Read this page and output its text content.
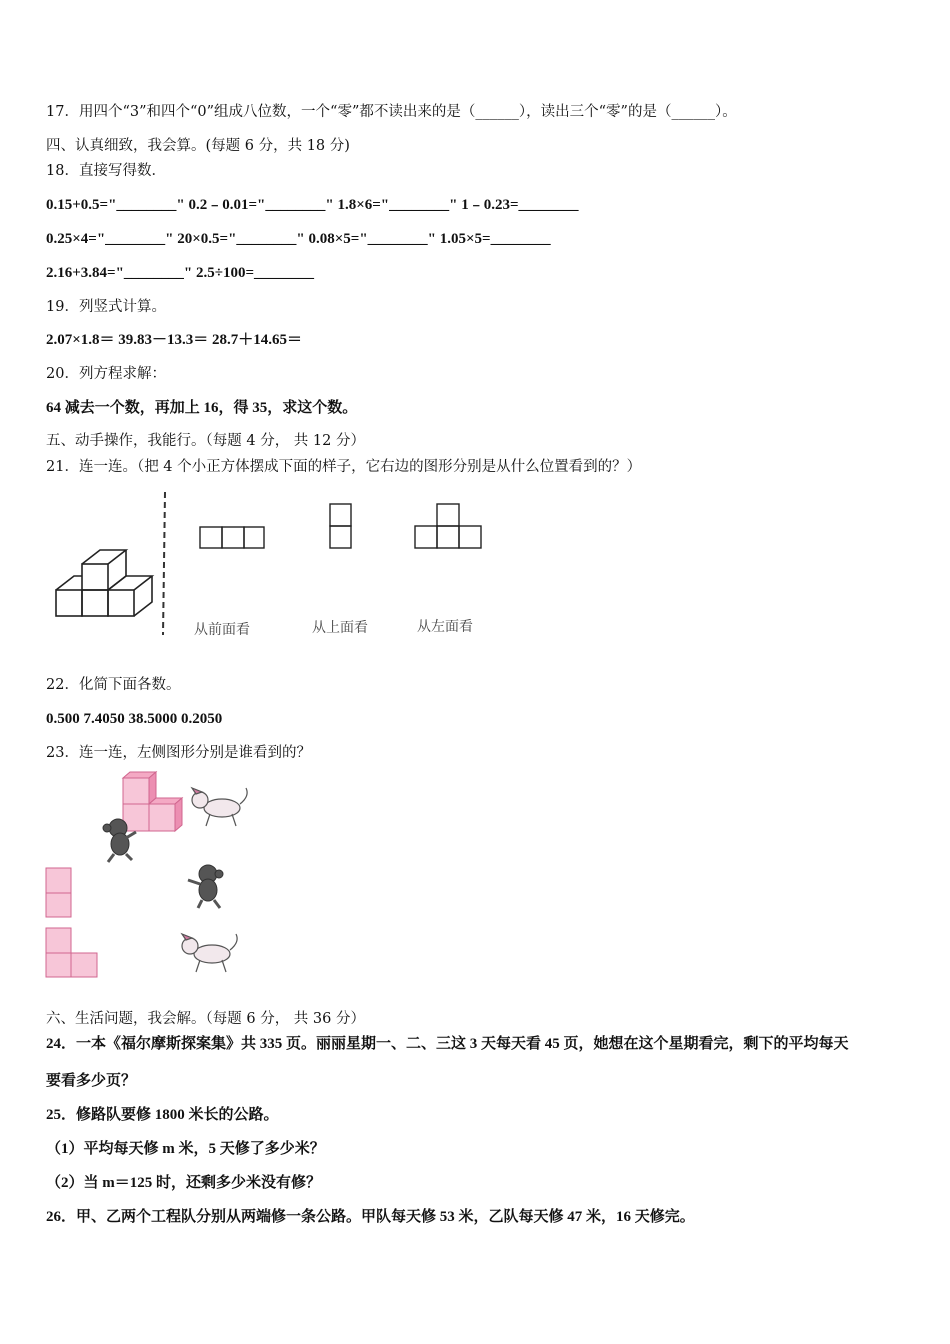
17．用四个“3”和四个“0”组成八位数，一个“零”都不读出来的是（______），读出三个“零”的是（______）。
四、认真细致，我会算。(每题 6 分，共 18 分)
18．直接写得数．
0.15+0.5="________" 0.2﹣0.01="________" 1.8×6="________" 1﹣0.23=________
0.25×4="________" 20×0.5="________" 0.08×5="________" 1.05×5=________
2.16+3.84="________" 2.5÷100=________
19．列竖式计算。
2.07×1.8＝ 39.83－13.3＝ 28.7＋14.65＝
20．列方程求解：
64 减去一个数，再加上 16，得 35，求这个数。
五、动手操作，我能行。（每题 4 分， 共 12 分）
21．连一连。（把 4 个小正方体摆成下面的样子，它右边的图形分别是从什么位置看到的？）
从前面看	从上面看	从左面看
22．化简下面各数。
0.500 7.4050 38.5000 0.2050
23．连一连，左侧图形分别是谁看到的？
六、生活问题，我会解。（每题 6 分， 共 36 分）
24．一本《福尔摩斯探案集》共 335 页。丽丽星期一、二、三这 3 天每天看 45 页，她想在这个星期看完，剩下的平均每天
要看多少页？
25．修路队要修 1800 米长的公路。
（1）平均每天修 m 米，5 天修了多少米？
（2）当 m＝125 时，还剩多少米没有修？
26．甲、乙两个工程队分别从两端修一条公路。甲队每天修 53 米，乙队每天修 47 米，16 天修完。
